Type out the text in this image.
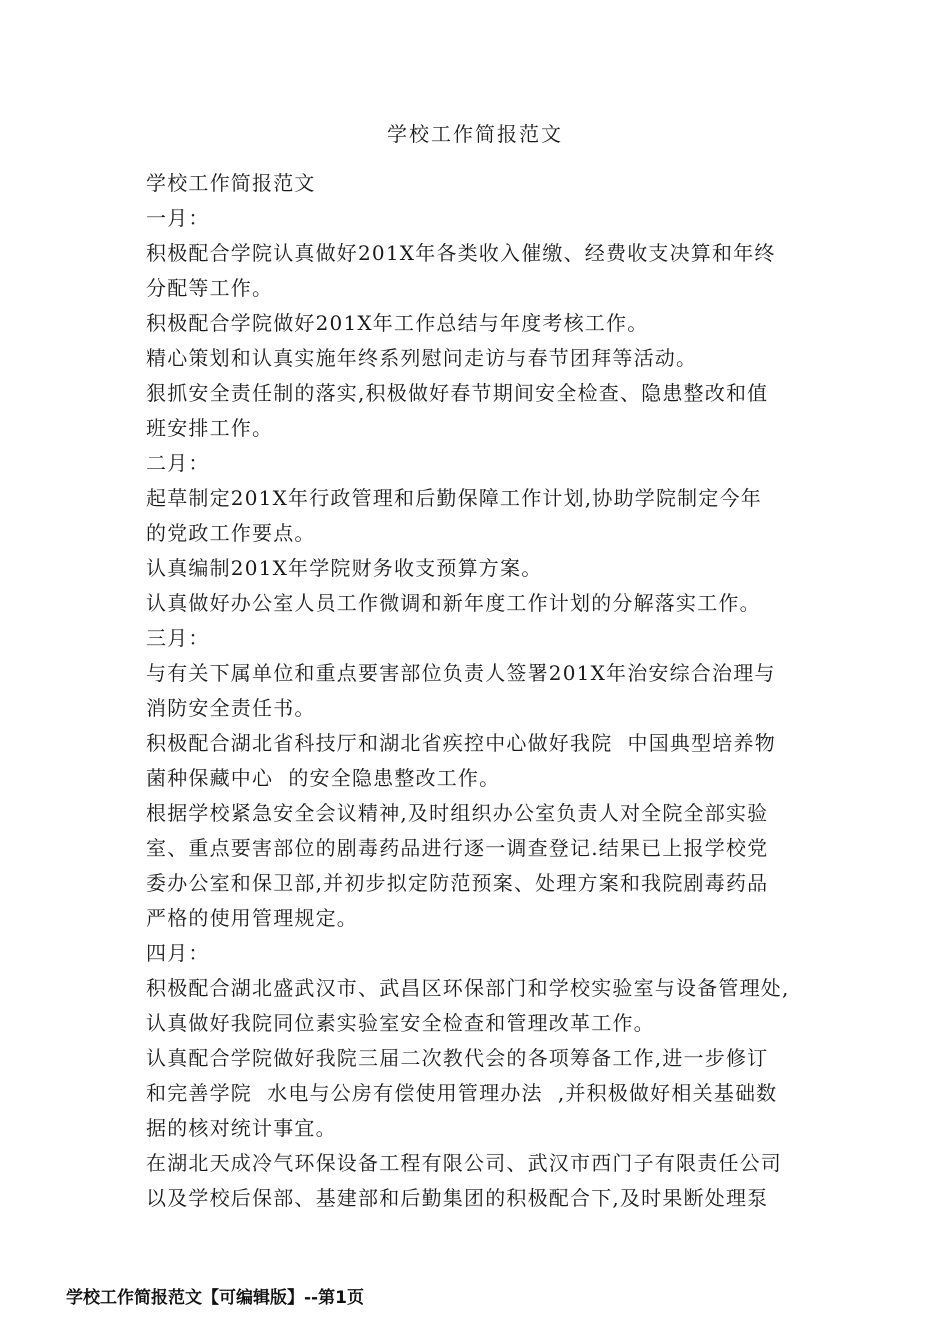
学校工作简报范文

学校工作简报范文

一月：

积极配合学院认真做好201X年各类收入催缴、经费收支决算和年终

分配等工作。

积极配合学院做好201X年工作总结与年度考核工作。

精心策划和认真实施年终系列慰问走访与春节团拜等活动。

狠抓安全责任制的落实,积极做好春节期间安全检查、隐患整改和值

班安排工作。

二月：

起草制定201X年行政管理和后勤保障工作计划,协助学院制定今年

的党政工作要点。

认真编制201X年学院财务收支预算方案。

认真做好办公室人员工作微调和新年度工作计划的分解落实工作。

三月：

与有关下属单位和重点要害部位负责人签署201X年治安综合治理与

消防安全责任书。

积极配合湖北省科技厅和湖北省疾控中心做好我院  中国典型培养物

菌种保藏中心  的安全隐患整改工作。

根据学校紧急安全会议精神,及时组织办公室负责人对全院全部实验

室、重点要害部位的剧毒药品进行逐一调查登记.结果已上报学校党

委办公室和保卫部,并初步拟定防范预案、处理方案和我院剧毒药品

严格的使用管理规定。

四月：

积极配合湖北盛武汉市、武昌区环保部门和学校实验室与设备管理处,

认真做好我院同位素实验室安全检查和管理改革工作。

认真配合学院做好我院三届二次教代会的各项筹备工作,进一步修订

和完善学院  水电与公房有偿使用管理办法  ,并积极做好相关基础数

据的核对统计事宜。

在湖北天成冷气环保设备工程有限公司、武汉市西门子有限责任公司

以及学校后保部、基建部和后勤集团的积极配合下,及时果断处理泵

学校工作简报范文【可编辑版】--第1页
